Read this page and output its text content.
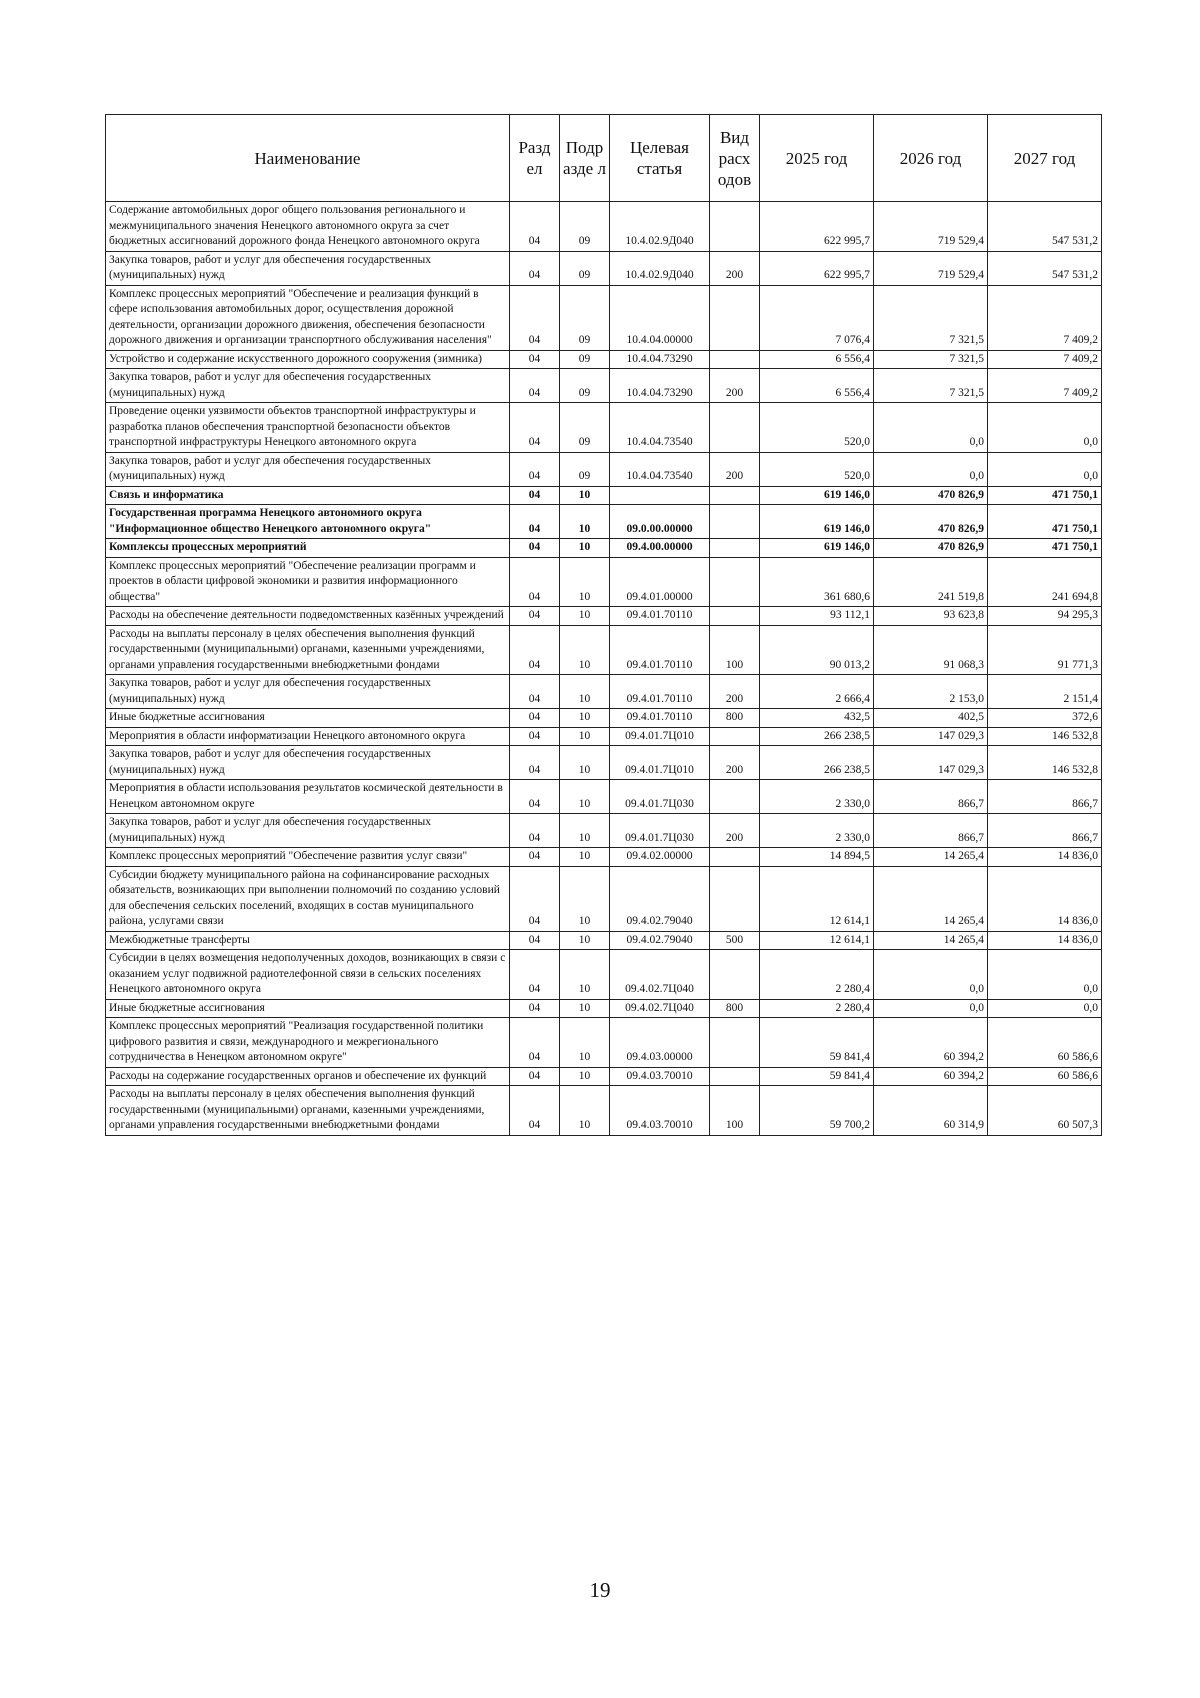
Наименование	Разд ел	Подр азде л	Целевая статья	Вид расх одов	2025 год	2026 год	2027 год
Содержание автомобильных дорог общего пользования регионального и межмуниципального значения Ненецкого автономного округа за счет бюджетных ассигнований дорожного фонда Ненецкого автономного округа	04	09	10.4.02.9Д040		622 995,7	719 529,4	547 531,2
Закупка товаров, работ и услуг для обеспечения государственных (муниципальных) нужд	04	09	10.4.02.9Д040	200	622 995,7	719 529,4	547 531,2
Комплекс процессных мероприятий "Обеспечение и реализация функций в сфере использования автомобильных дорог, осуществления дорожной деятельности, организации дорожного движения, обеспечения безопасности дорожного движения и организации транспортного обслуживания населения"	04	09	10.4.04.00000		7 076,4	7 321,5	7 409,2
Устройство и содержание искусственного дорожного сооружения (зимника)	04	09	10.4.04.73290		6 556,4	7 321,5	7 409,2
Закупка товаров, работ и услуг для обеспечения государственных (муниципальных) нужд	04	09	10.4.04.73290	200	6 556,4	7 321,5	7 409,2
Проведение оценки уязвимости объектов транспортной инфраструктуры и разработка планов обеспечения транспортной безопасности объектов транспортной инфраструктуры Ненецкого автономного округа	04	09	10.4.04.73540		520,0	0,0	0,0
Закупка товаров, работ и услуг для обеспечения государственных (муниципальных) нужд	04	09	10.4.04.73540	200	520,0	0,0	0,0
Связь и информатика	04	10			619 146,0	470 826,9	471 750,1
Государственная программа Ненецкого автономного округа "Информационное общество Ненецкого автономного округа"	04	10	09.0.00.00000		619 146,0	470 826,9	471 750,1
Комплексы процессных мероприятий	04	10	09.4.00.00000		619 146,0	470 826,9	471 750,1
Комплекс процессных мероприятий "Обеспечение реализации программ и проектов в области цифровой экономики и развития информационного общества"	04	10	09.4.01.00000		361 680,6	241 519,8	241 694,8
Расходы на обеспечение деятельности подведомственных казённых учреждений	04	10	09.4.01.70110		93 112,1	93 623,8	94 295,3
Расходы на выплаты персоналу в целях обеспечения выполнения функций государственными (муниципальными) органами, казенными учреждениями, органами управления государственными внебюджетными фондами	04	10	09.4.01.70110	100	90 013,2	91 068,3	91 771,3
Закупка товаров, работ и услуг для обеспечения государственных (муниципальных) нужд	04	10	09.4.01.70110	200	2 666,4	2 153,0	2 151,4
Иные бюджетные ассигнования	04	10	09.4.01.70110	800	432,5	402,5	372,6
Мероприятия в области информатизации Ненецкого автономного округа	04	10	09.4.01.7Ц010		266 238,5	147 029,3	146 532,8
Закупка товаров, работ и услуг для обеспечения государственных (муниципальных) нужд	04	10	09.4.01.7Ц010	200	266 238,5	147 029,3	146 532,8
Мероприятия в области использования результатов космической деятельности в Ненецком автономном округе	04	10	09.4.01.7Ц030		2 330,0	866,7	866,7
Закупка товаров, работ и услуг для обеспечения государственных (муниципальных) нужд	04	10	09.4.01.7Ц030	200	2 330,0	866,7	866,7
Комплекс процессных мероприятий "Обеспечение развития услуг связи"	04	10	09.4.02.00000		14 894,5	14 265,4	14 836,0
Субсидии бюджету муниципального района на софинансирование расходных обязательств, возникающих при выполнении полномочий по созданию условий для обеспечения сельских поселений, входящих в состав муниципального района, услугами связи	04	10	09.4.02.79040		12 614,1	14 265,4	14 836,0
Межбюджетные трансферты	04	10	09.4.02.79040	500	12 614,1	14 265,4	14 836,0
Субсидии в целях возмещения недополученных доходов, возникающих в связи с оказанием услуг подвижной радиотелефонной связи в сельских поселениях Ненецкого автономного округа	04	10	09.4.02.7Ц040		2 280,4	0,0	0,0
Иные бюджетные ассигнования	04	10	09.4.02.7Ц040	800	2 280,4	0,0	0,0
Комплекс процессных мероприятий "Реализация государственной политики цифрового развития и связи, международного и межрегионального сотрудничества в Ненецком автономном округе"	04	10	09.4.03.00000		59 841,4	60 394,2	60 586,6
Расходы на содержание государственных органов и обеспечение их функций	04	10	09.4.03.70010		59 841,4	60 394,2	60 586,6
Расходы на выплаты персоналу в целях обеспечения выполнения функций государственными (муниципальными) органами, казенными учреждениями, органами управления государственными внебюджетными фондами	04	10	09.4.03.70010	100	59 700,2	60 314,9	60 507,3
19
